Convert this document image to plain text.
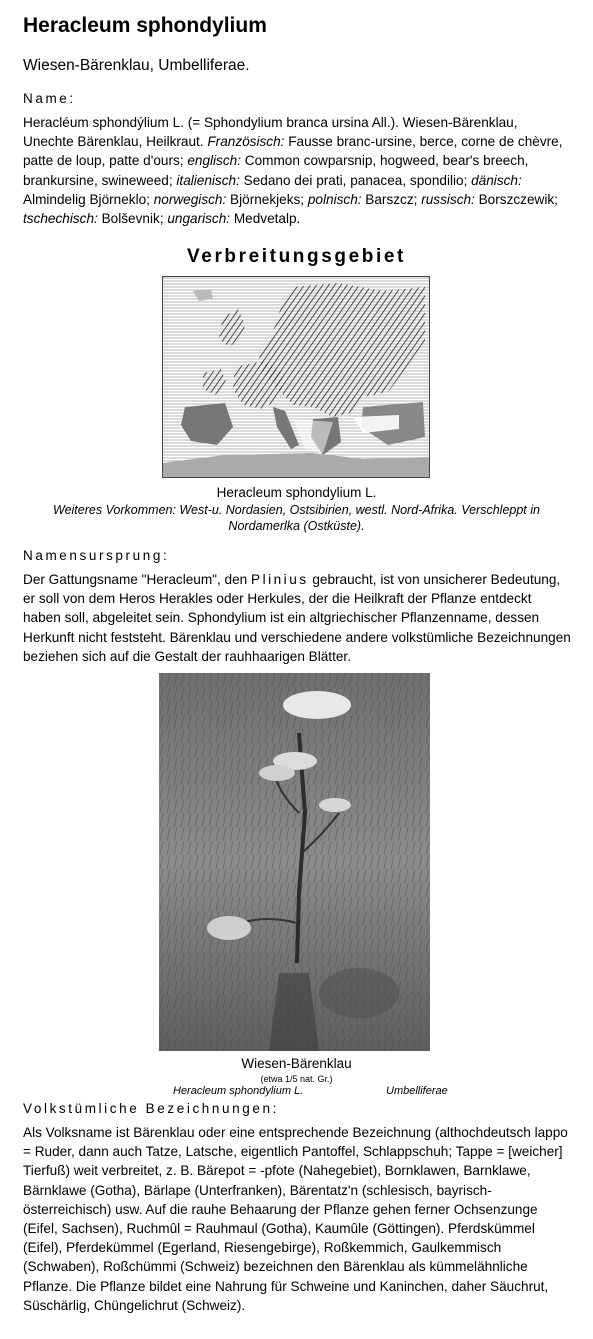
Heracleum sphondylium
Wiesen-Bärenklau, Umbelliferae.
Name:
Heracléum sphondýlium L. (= Sphondylium branca ursina All.). Wiesen-Bärenklau, Unechte Bärenklau, Heilkraut. Französisch: Fausse branc-ursine, berce, corne de chèvre, patte de loup, patte d'ours; englisch: Common cowparsnip, hogweed, bear's breech, brankursine, swineweed; italienisch: Sedano dei prati, panacea, spondilio; dänisch: Almindelig Björneklo; norwegisch: Björnekjeks; polnisch: Barszcz; russisch: Borszczewik; tschechisch: Bolševnik; ungarisch: Medvetalp.
Verbreitungsgebiet
Heracleum sphondylium L.
Weiteres Vorkommen: West-u. Nordasien, Ostsibirien, westl. Nord-Afrika. Verschleppt in Nordamerlka (Ostküste).
Namensursprung:
Der Gattungsname "Heracleum", den Plinius gebraucht, ist von unsicherer Bedeutung, er soll von dem Heros Herakles oder Herkules, der die Heilkraft der Pflanze entdeckt haben soll, abgeleitet sein. Sphondylium ist ein altgriechischer Pflanzenname, dessen Herkunft nicht feststeht. Bärenklau und verschiedene andere volkstümliche Bezeichnungen beziehen sich auf die Gestalt der rauhhaarigen Blätter.
Wiesen-Bärenklau
(etwa 1/5 nat. Gr.)
Heracleum sphondylium L.	Umbelliferae
Volkstümliche Bezeichnungen:
Als Volksname ist Bärenklau oder eine entsprechende Bezeichnung (althochdeutsch lappo = Ruder, dann auch Tatze, Latsche, eigentlich Pantoffel, Schlappschuh; Tappe = [weicher] Tierfuß) weit verbreitet, z. B. Bärepot = -pfote (Nahegebiet), Bornklawen, Barnklawe, Bärnklawe (Gotha), Bärlape (Unterfranken), Bärentatz'n (schlesisch, bayrisch-österreichisch) usw. Auf die rauhe Behaarung der Pflanze gehen ferner Ochsenzunge (Eifel, Sachsen), Ruchmûl = Rauhmaul (Gotha), Kaumûle (Göttingen). Pferdskümmel (Eifel), Pferdekümmel (Egerland, Riesengebirge), Roßkemmich, Gaulkemmisch (Schwaben), Roßchümmi (Schweiz) bezeichnen den Bärenklau als kümmelähnliche Pflanze. Die Pflanze bildet eine Nahrung für Schweine und Kaninchen, daher Säuchrut, Süschärlig, Chüngelichrut (Schweiz).
